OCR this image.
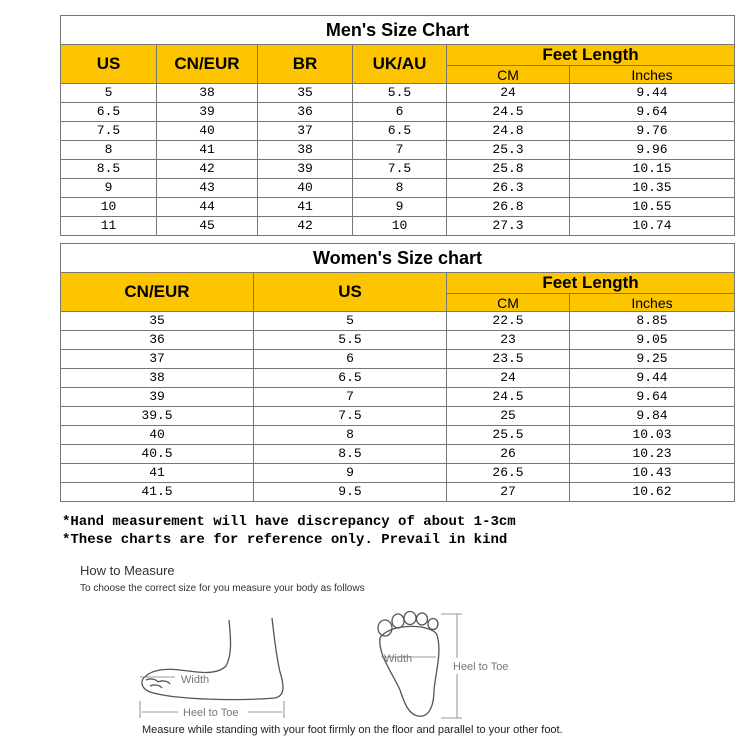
Men's Size Chart					
US	CN/EUR	BR	UK/AU	Feet Length	
				CM	Inches
5	38	35	5.5	24	9.44
6.5	39	36	6	24.5	9.64
7.5	40	37	6.5	24.8	9.76
8	41	38	7	25.3	9.96
8.5	42	39	7.5	25.8	10.15
9	43	40	8	26.3	10.35
10	44	41	9	26.8	10.55
11	45	42	10	27.3	10.74
Women's Size chart			
CN/EUR	US	Feet Length	
		CM	Inches
35	5	22.5	8.85
36	5.5	23	9.05
37	6	23.5	9.25
38	6.5	24	9.44
39	7	24.5	9.64
39.5	7.5	25	9.84
40	8	25.5	10.03
40.5	8.5	26	10.23
41	9	26.5	10.43
41.5	9.5	27	10.62
*Hand measurement will have discrepancy of about 1-3cm
*These charts are for reference only. Prevail in kind
How to Measure
To choose the correct size for you measure your body as follows
Width
Heel to Toe
Width
Heel to Toe
Measure while standing with your foot firmly on the floor and parallel to your other foot.
